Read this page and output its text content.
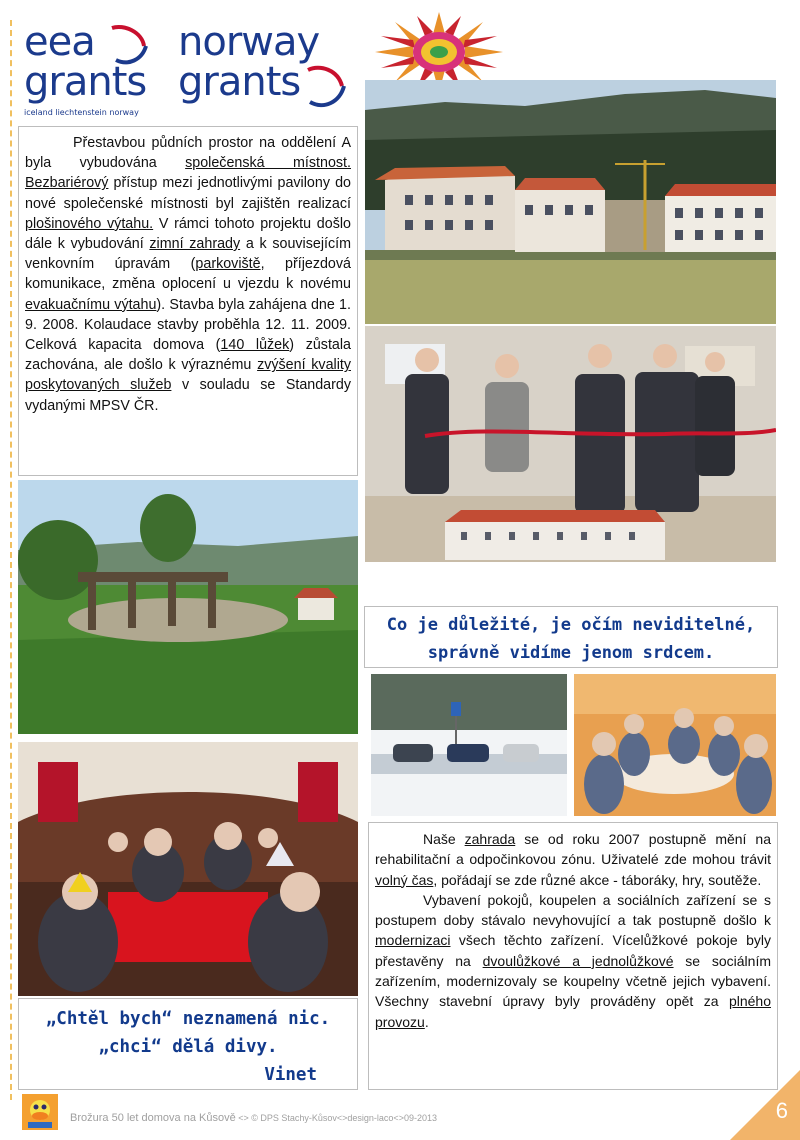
eea
grants
iceland liechtenstein norway
norway
grants

Přestavbou půdních prostor na oddělení A byla vybudována společenská místnost. Bezbariérový přístup mezi jednotlivými pavilony do nové společenské místnosti byl zajištěn realizací plošinového výtahu. V rámci tohoto projektu došlo dále k vybudování zimní zahrady a k souvisejícím venkovním úpravám (parkoviště, příjezdová komunikace, změna oplocení u vjezdu k novému evakuačnímu výtahu). Stavba byla zahájena dne 1. 9. 2008. Kolaudace stavby proběhla 12. 11. 2009. Celková kapacita domova (140 lůžek) zůstala zachována, ale došlo k výraznému zvýšení kvality poskytovaných služeb v souladu se Standardy vydanými MPSV ČR.

Co je důležité, je očím neviditelné,
správně vidíme jenom srdcem.

Naše zahrada se od roku 2007 postupně mění na rehabilitační a odpočinkovou zónu. Uživatelé zde mohou trávit volný čas, pořádají se zde různé akce - táboráky, hry, soutěže.

Vybavení pokojů, koupelen a sociálních zařízení se s postupem doby stávalo nevyhovující a tak postupně došlo k modernizaci všech těchto zařízení. Vícelůžkové pokoje byly přestavěny na dvoulůžkové a jednolůžkové se sociálním zařízením, modernizovaly se koupelny včetně jejich vybavení. Všechny stavební úpravy byly prováděny opět za plného provozu.

„Chtěl bych“ neznamená nic.
„chci“ dělá divy.
Vinet
Brožura 50 let domova na Kůsově <> © DPS Stachy-Kůsov<>design-laco<>09-2013	6
